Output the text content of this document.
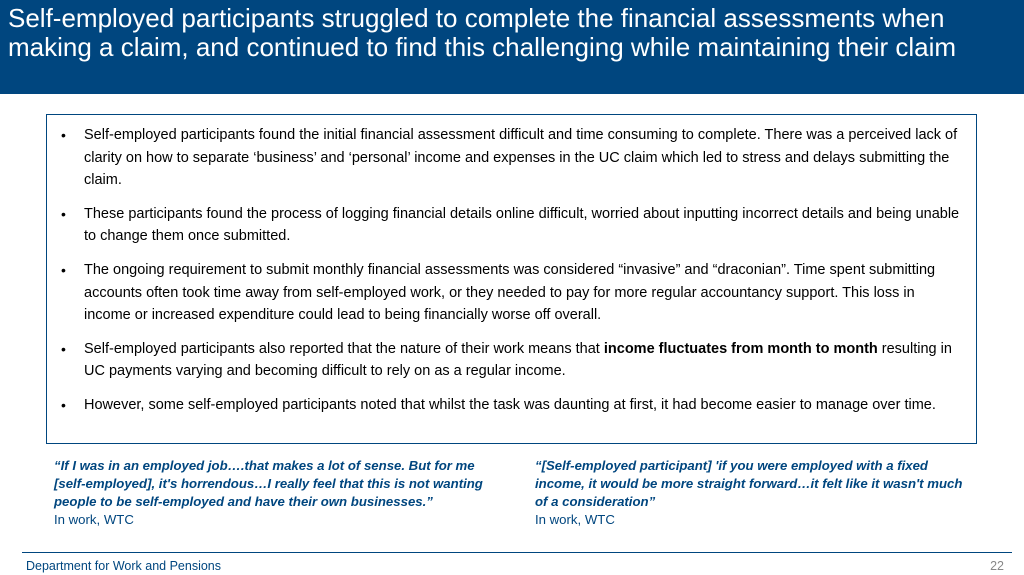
Self-employed participants struggled to complete the financial assessments when making a claim, and continued to find this challenging while maintaining their claim
• Self-employed participants found the initial financial assessment difficult and time consuming to complete. There was a perceived lack of clarity on how to separate ‘business’ and ‘personal’ income and expenses in the UC claim which led to stress and delays submitting the claim.
• These participants found the process of logging financial details online difficult, worried about inputting incorrect details and being unable to change them once submitted.
• The ongoing requirement to submit monthly financial assessments was considered “invasive” and “draconian”. Time spent submitting accounts often took time away from self-employed work, or they needed to pay for more regular accountancy support. This loss in income or increased expenditure could lead to being financially worse off overall.
• Self-employed participants also reported that the nature of their work means that income fluctuates from month to month resulting in UC payments varying and becoming difficult to rely on as a regular income.
• However, some self-employed participants noted that whilst the task was daunting at first, it had become easier to manage over time.
“If I was in an employed job….that makes a lot of sense. But for me [self-employed], it's horrendous…I really feel that this is not wanting people to be self-employed and have their own businesses.”
In work, WTC
“[Self-employed participant] 'if you were employed with a fixed income, it would be more straight forward…it felt like it wasn't much of a consideration”
In work, WTC
Department for Work and Pensions	22
